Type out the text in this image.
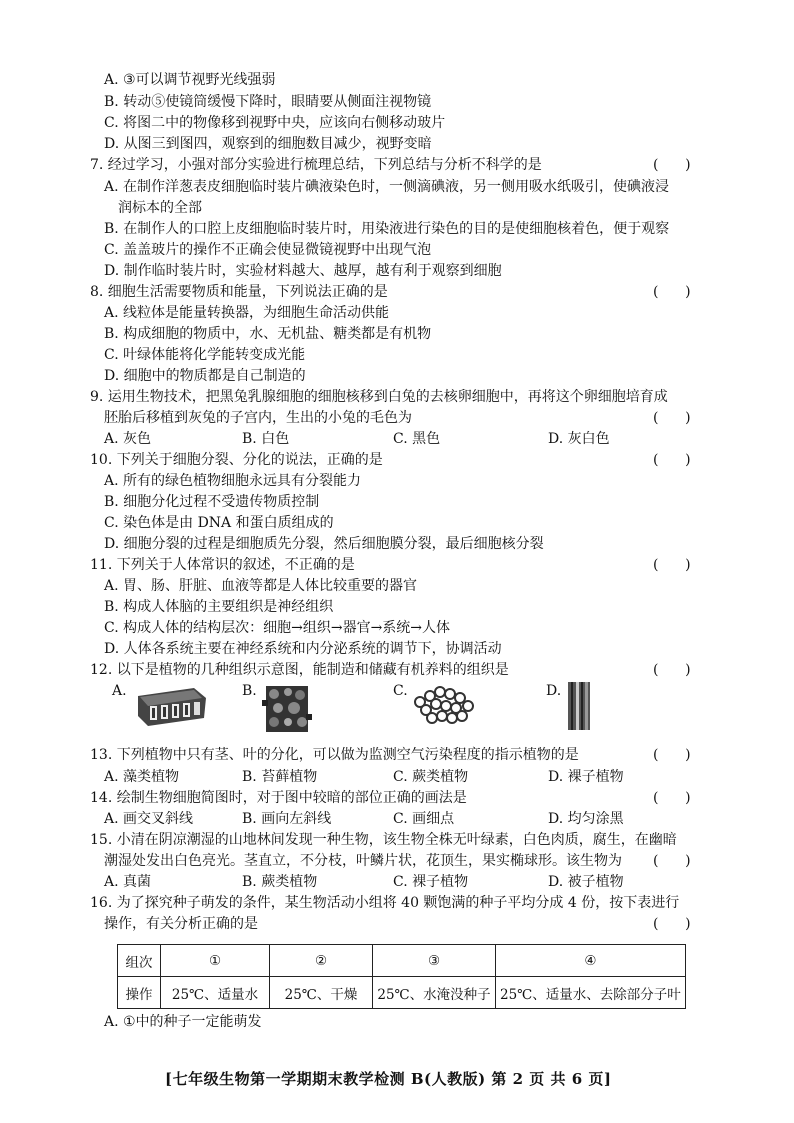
A. ③可以调节视野光线强弱
B. 转动⑤使镜筒缓慢下降时，眼睛要从侧面注视物镜
C. 将图二中的物像移到视野中央，应该向右侧移动玻片
D. 从图三到图四，观察到的细胞数目减少，视野变暗
7. 经过学习，小强对部分实验进行梳理总结，下列总结与分析不科学的是	(      )
A. 在制作洋葱表皮细胞临时装片碘液染色时，一侧滴碘液，另一侧用吸水纸吸引，使碘液浸
润标本的全部
B. 在制作人的口腔上皮细胞临时装片时，用染液进行染色的目的是使细胞核着色，便于观察
C. 盖盖玻片的操作不正确会使显微镜视野中出现气泡
D. 制作临时装片时，实验材料越大、越厚，越有利于观察到细胞
8. 细胞生活需要物质和能量，下列说法正确的是	(      )
A. 线粒体是能量转换器，为细胞生命活动供能
B. 构成细胞的物质中，水、无机盐、糖类都是有机物
C. 叶绿体能将化学能转变成光能
D. 细胞中的物质都是自己制造的
9. 运用生物技术，把黑兔乳腺细胞的细胞核移到白兔的去核卵细胞中，再将这个卵细胞培育成
胚胎后移植到灰兔的子宫内，生出的小兔的毛色为	(      )
A. 灰色	B. 白色	C. 黑色	D. 灰白色
10. 下列关于细胞分裂、分化的说法，正确的是	(      )
A. 所有的绿色植物细胞永远具有分裂能力
B. 细胞分化过程不受遗传物质控制
C. 染色体是由 DNA 和蛋白质组成的
D. 细胞分裂的过程是细胞质先分裂，然后细胞膜分裂，最后细胞核分裂
11. 下列关于人体常识的叙述，不正确的是	(      )
A. 胃、肠、肝脏、血液等都是人体比较重要的器官
B. 构成人体脑的主要组织是神经组织
C. 构成人体的结构层次：细胞→组织→器官→系统→人体
D. 人体各系统主要在神经系统和内分泌系统的调节下，协调活动
12. 以下是植物的几种组织示意图，能制造和储藏有机养料的组织是	(      )
A.	B.	C.	D.
13. 下列植物中只有茎、叶的分化，可以做为监测空气污染程度的指示植物的是	(      )
A. 藻类植物	B. 苔藓植物	C. 蕨类植物	D. 裸子植物
14. 绘制生物细胞简图时，对于图中较暗的部位正确的画法是	(      )
A. 画交叉斜线	B. 画向左斜线	C. 画细点	D. 均匀涂黑
15. 小清在阴凉潮湿的山地林间发现一种生物，该生物全株无叶绿素，白色肉质，腐生，在幽暗
潮湿处发出白色亮光。茎直立，不分枝，叶鳞片状，花顶生，果实椭球形。该生物为 (      )
A. 真菌	B. 蕨类植物	C. 裸子植物	D. 被子植物
16. 为了探究种子萌发的条件，某生物活动小组将 40 颗饱满的种子平均分成 4 份，按下表进行
操作，有关分析正确的是	(      )
组次	①	②	③	④
操作	25℃、适量水	25℃、干燥	25℃、水淹没种子	25℃、适量水、去除部分子叶
A. ①中的种子一定能萌发
[七年级生物第一学期期末教学检测 B(人教版) 第 2 页 共 6 页]
